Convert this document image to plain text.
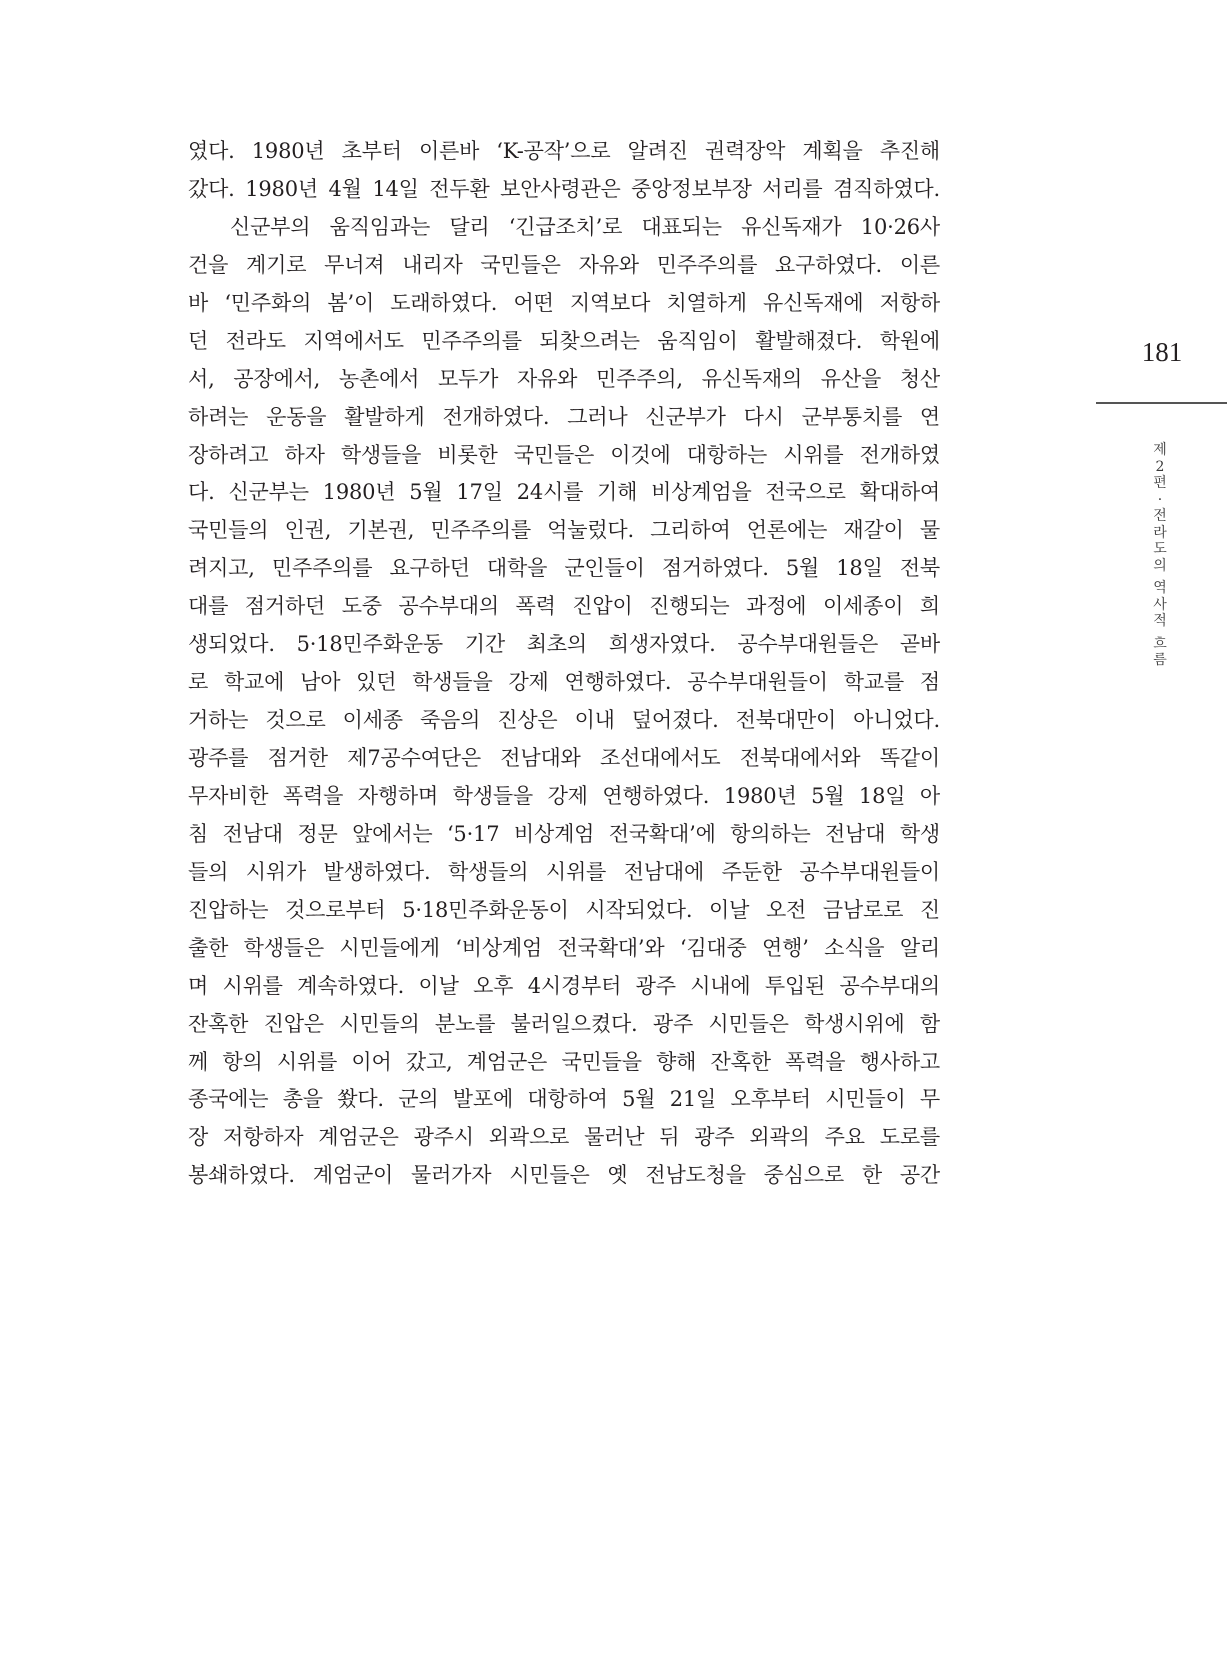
였다. 1980년 초부터 이른바 ‘K-공작’으로 알려진 권력장악 계획을 추진해
갔다. 1980년 4월 14일 전두환 보안사령관은 중앙정보부장 서리를 겸직하였다.
신군부의 움직임과는 달리 ‘긴급조치’로 대표되는 유신독재가 10·26사
건을 계기로 무너져 내리자 국민들은 자유와 민주주의를 요구하였다. 이른
바 ‘민주화의 봄’이 도래하였다. 어떤 지역보다 치열하게 유신독재에 저항하
던 전라도 지역에서도 민주주의를 되찾으려는 움직임이 활발해졌다. 학원에
서, 공장에서, 농촌에서 모두가 자유와 민주주의, 유신독재의 유산을 청산
하려는 운동을 활발하게 전개하였다. 그러나 신군부가 다시 군부통치를 연
장하려고 하자 학생들을 비롯한 국민들은 이것에 대항하는 시위를 전개하였
다. 신군부는 1980년 5월 17일 24시를 기해 비상계엄을 전국으로 확대하여
국민들의 인권, 기본권, 민주주의를 억눌렀다. 그리하여 언론에는 재갈이 물
려지고, 민주주의를 요구하던 대학을 군인들이 점거하였다. 5월 18일 전북
대를 점거하던 도중 공수부대의 폭력 진압이 진행되는 과정에 이세종이 희
생되었다. 5·18민주화운동 기간 최초의 희생자였다. 공수부대원들은 곧바
로 학교에 남아 있던 학생들을 강제 연행하였다. 공수부대원들이 학교를 점
거하는 것으로 이세종 죽음의 진상은 이내 덮어졌다. 전북대만이 아니었다.
광주를 점거한 제7공수여단은 전남대와 조선대에서도 전북대에서와 똑같이
무자비한 폭력을 자행하며 학생들을 강제 연행하였다. 1980년 5월 18일 아
침 전남대 정문 앞에서는 ‘5·17 비상계엄 전국확대’에 항의하는 전남대 학생
들의 시위가 발생하였다. 학생들의 시위를 전남대에 주둔한 공수부대원들이
진압하는 것으로부터 5·18민주화운동이 시작되었다. 이날 오전 금남로로 진
출한 학생들은 시민들에게 ‘비상계엄 전국확대’와 ‘김대중 연행’ 소식을 알리
며 시위를 계속하였다. 이날 오후 4시경부터 광주 시내에 투입된 공수부대의
잔혹한 진압은 시민들의 분노를 불러일으켰다. 광주 시민들은 학생시위에 함
께 항의 시위를 이어 갔고, 계엄군은 국민들을 향해 잔혹한 폭력을 행사하고
종국에는 총을 쐈다. 군의 발포에 대항하여 5월 21일 오후부터 시민들이 무
장 저항하자 계엄군은 광주시 외곽으로 물러난 뒤 광주 외곽의 주요 도로를
봉쇄하였다. 계엄군이 물러가자 시민들은 옛 전남도청을 중심으로 한 공간
181
제
2
편
·
전
라
도
의
역
사
적
흐
름
